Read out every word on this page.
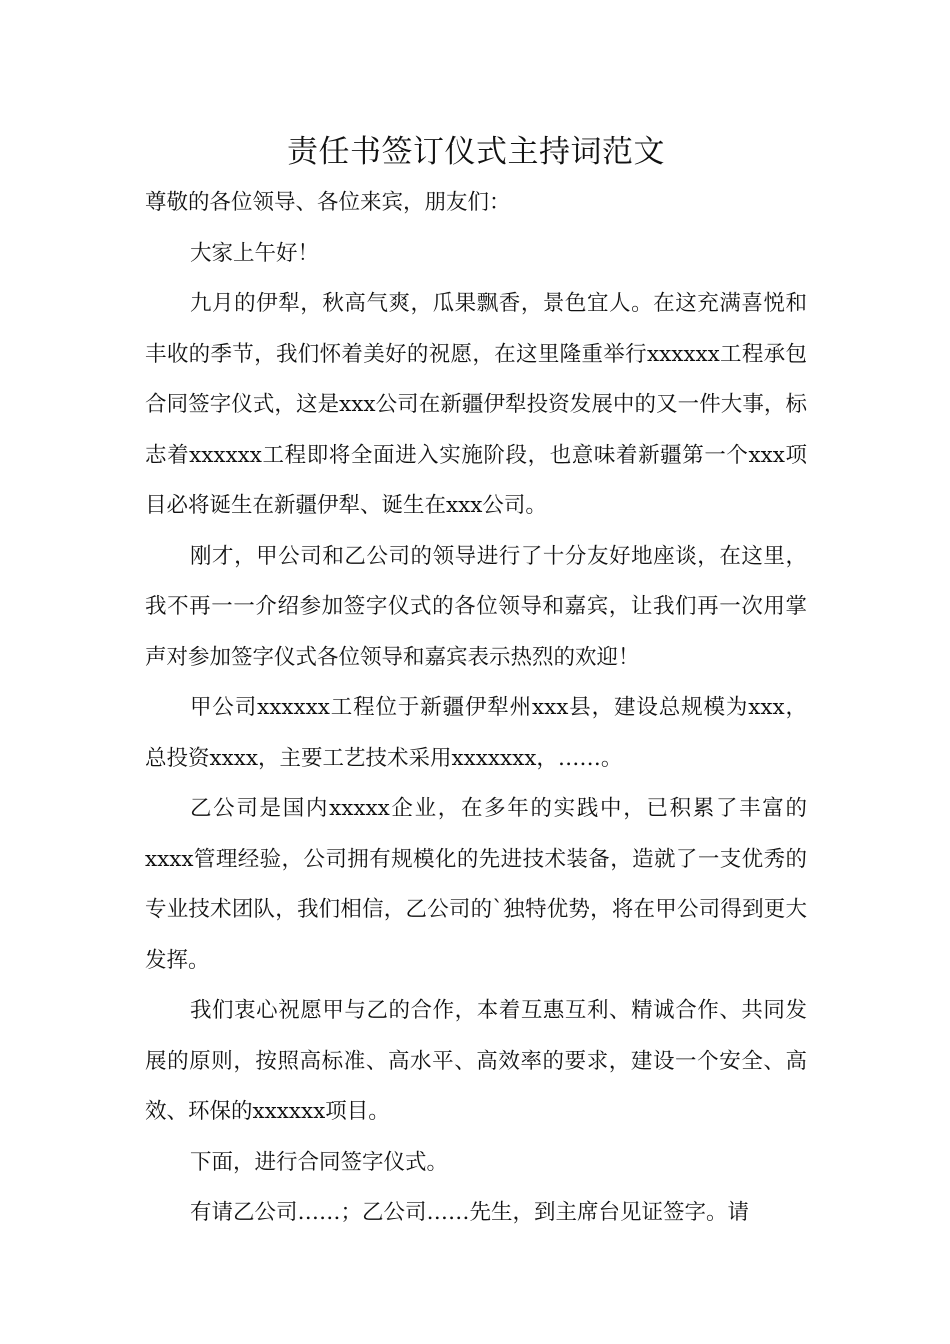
责任书签订仪式主持词范文

尊敬的各位领导、各位来宾，朋友们：

大家上午好！

九月的伊犁，秋高气爽，瓜果飘香，景色宜人。在这充满喜悦和丰收的季节，我们怀着美好的祝愿，在这里隆重举行xxxxxx工程承包合同签字仪式，这是xxx公司在新疆伊犁投资发展中的又一件大事，标志着xxxxxx工程即将全面进入实施阶段，也意味着新疆第一个xxx项目必将诞生在新疆伊犁、诞生在xxx公司。

刚才，甲公司和乙公司的领导进行了十分友好地座谈，在这里，我不再一一介绍参加签字仪式的各位领导和嘉宾，让我们再一次用掌声对参加签字仪式各位领导和嘉宾表示热烈的欢迎！

甲公司xxxxxx工程位于新疆伊犁州xxx县，建设总规模为xxx，总投资xxxx，主要工艺技术采用xxxxxxx，……。

乙公司是国内xxxxx企业，在多年的实践中，已积累了丰富的xxxx管理经验，公司拥有规模化的先进技术装备，造就了一支优秀的专业技术团队，我们相信，乙公司的`独特优势，将在甲公司得到更大发挥。

我们衷心祝愿甲与乙的合作，本着互惠互利、精诚合作、共同发展的原则，按照高标准、高水平、高效率的要求，建设一个安全、高效、环保的xxxxxx项目。

下面，进行合同签字仪式。

有请乙公司……；乙公司……先生，到主席台见证签字。请
